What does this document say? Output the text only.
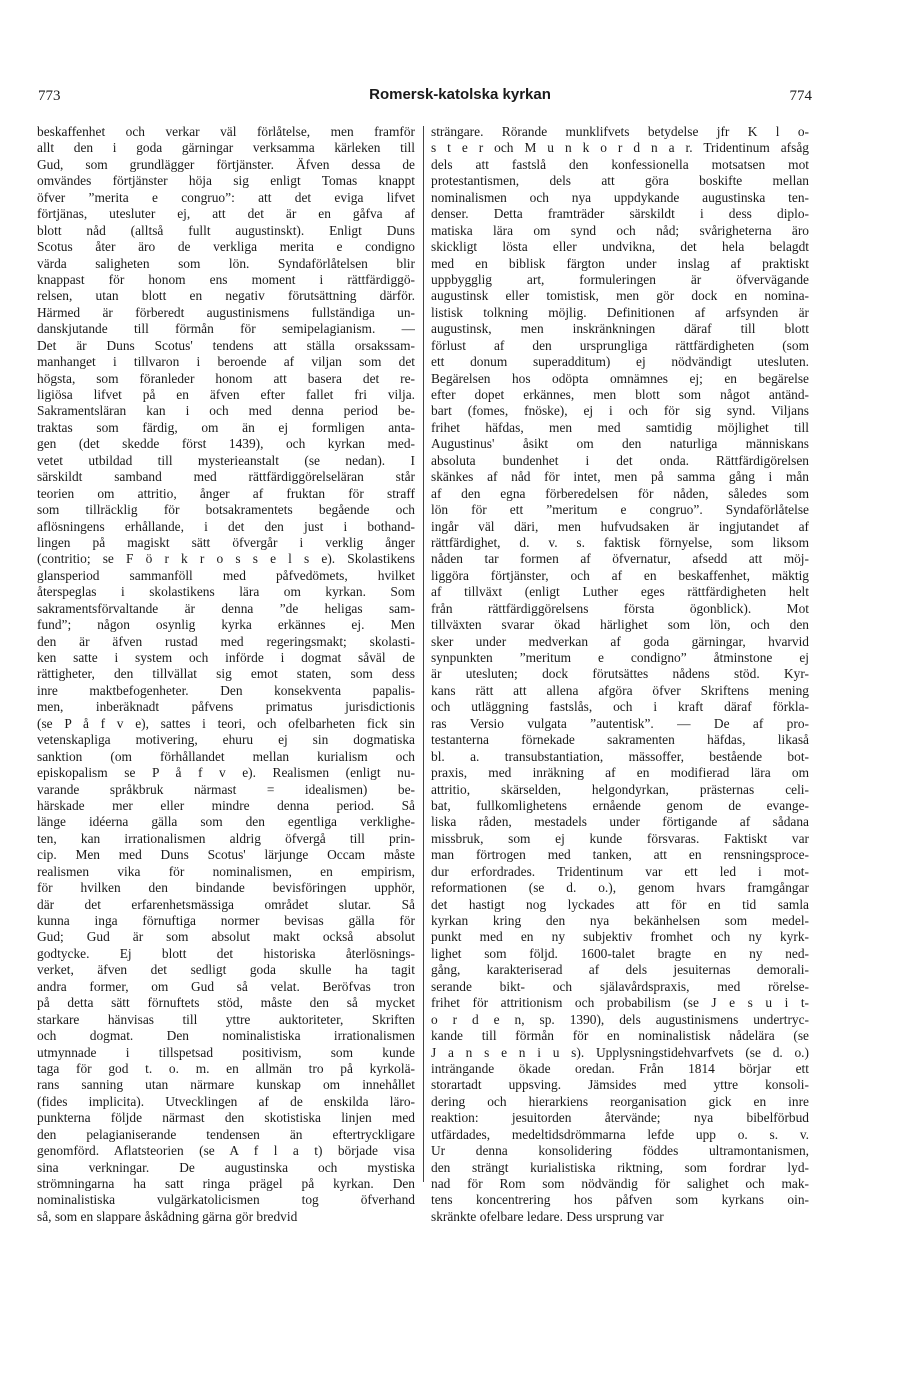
773	Romersk-katolska kyrkan	774
beskaffenhet och verkar väl förlåtelse, men framför
allt den i goda gärningar verksamma kärleken till
Gud, som grundlägger förtjänster. Äfven dessa de
omvändes förtjänster höja sig enligt Tomas knappt
öfver ”merita e congruo”: att det eviga lifvet
förtjänas, utesluter ej, att det är en gåfva af
blott nåd (alltså fullt augustinskt). Enligt Duns
Scotus åter äro de verkliga merita e condigno
värda saligheten som lön. Syndaförlåtelsen blir
knappast för honom ens moment i rättfärdiggö-
relsen, utan blott en negativ förutsättning därför.
Härmed är förberedt augustinismens fullständiga un-
danskjutande till förmån för semipelagianism. —
Det är Duns Scotus' tendens att ställa orsakssam-
manhanget i tillvaron i beroende af viljan som det
högsta, som föranleder honom att basera det re-
ligiösa lifvet på en äfven efter fallet fri vilja.
Sakramentsläran kan i och med denna period be-
traktas som färdig, om än ej formligen anta-
gen (det skedde först 1439), och kyrkan med-
vetet utbildad till mysterieanstalt (se nedan). I
särskildt samband med rättfärdiggörelseläran står
teorien om attritio, ånger af fruktan för straff
som tillräcklig för botsakramentets begående och
aflösningens erhållande, i det den just i bothand-
lingen på magiskt sätt öfvergår i verklig ånger
(contritio; se F ö r k r o s s e l s e). Skolastikens
glansperiod sammanföll med påfvedömets, hvilket
återspeglas i skolastikens lära om kyrkan. Som
sakramentsförvaltande är denna ”de heligas sam-
fund”; någon osynlig kyrka erkännes ej. Men
den är äfven rustad med regeringsmakt; skolasti-
ken satte i system och införde i dogmat såväl de
rättigheter, den tillvällat sig emot staten, som dess
inre maktbefogenheter. Den konsekventa papalis-
men, inberäknadt påfvens primatus jurisdictionis
(se P å f v e), sattes i teori, och ofelbarheten fick sin
vetenskapliga motivering, ehuru ej sin dogmatiska
sanktion (om förhållandet mellan kurialism och
episkopalism se P å f v e). Realismen (enligt nu-
varande språkbruk närmast = idealismen) be-
härskade mer eller mindre denna period. Så
länge idéerna gälla som den egentliga verklighe-
ten, kan irrationalismen aldrig öfvergå till prin-
cip. Men med Duns Scotus' lärjunge Occam måste
realismen vika för nominalismen, en empirism,
för hvilken den bindande bevisföringen upphör,
där det erfarenhetsmässiga området slutar. Så
kunna inga förnuftiga normer bevisas gälla för
Gud; Gud är som absolut makt också absolut
godtycke. Ej blott det historiska återlösnings-
verket, äfven det sedligt goda skulle ha tagit
andra former, om Gud så velat. Beröfvas tron
på detta sätt förnuftets stöd, måste den så mycket
starkare hänvisas till yttre auktoriteter, Skriften
och dogmat. Den nominalistiska irrationalismen
utmynnade i tillspetsad positivism, som kunde
taga för god t. o. m. en allmän tro på kyrkolä-
rans sanning utan närmare kunskap om innehållet
(fides implicita). Utvecklingen af de enskilda läro-
punkterna följde närmast den skotistiska linjen med
den pelagianiserande tendensen än eftertryckligare
genomförd. Aflatsteorien (se A f l a t) började visa
sina verkningar. De augustinska och mystiska
strömningarna ha satt ringa prägel på kyrkan. Den
nominalistiska vulgärkatolicismen tog öfverhand
så, som en slappare åskådning gärna gör bredvid
strängare. Rörande munklifvets betydelse jfr K l o-
s t e r och M u n k o r d n a r. Tridentinum afsåg
dels att fastslå den konfessionella motsatsen mot
protestantismen, dels att göra boskifte mellan
nominalismen och nya uppdykande augustinska ten-
denser. Detta framträder särskildt i dess diplo-
matiska lära om synd och nåd; svårigheterna äro
skickligt lösta eller undvikna, det hela belagdt
med en biblisk färgton under inslag af praktiskt
uppbygglig art, formuleringen är öfvervägande
augustinsk eller tomistisk, men gör dock en nomina-
listisk tolkning möjlig. Definitionen af arfsynden är
augustinsk, men inskränkningen däraf till blott
förlust af den ursprungliga rättfärdigheten (som
ett donum superadditum) ej nödvändigt utesluten.
Begärelsen hos odöpta omnämnes ej; en begärelse
efter dopet erkännes, men blott som något antänd-
bart (fomes, fnöske), ej i och för sig synd. Viljans
frihet häfdas, men med samtidig möjlighet till
Augustinus' åsikt om den naturliga människans
absoluta bundenhet i det onda. Rättfärdigörelsen
skänkes af nåd för intet, men på samma gång i mån
af den egna förberedelsen för nåden, således som
lön för ett ”meritum e congruo”. Syndaförlåtelse
ingår väl däri, men hufvudsaken är ingjutandet af
rättfärdighet, d. v. s. faktisk förnyelse, som liksom
nåden tar formen af öfvernatur, afsedd att möj-
liggöra förtjänster, och af en beskaffenhet, mäktig
af tillväxt (enligt Luther eges rättfärdigheten helt
från rättfärdiggörelsens första ögonblick). Mot
tillväxten svarar ökad härlighet som lön, och den
sker under medverkan af goda gärningar, hvarvid
synpunkten ”meritum e condigno” åtminstone ej
är utesluten; dock förutsättes nådens stöd. Kyr-
kans rätt att allena afgöra öfver Skriftens mening
och utläggning fastslås, och i kraft däraf förkla-
ras Versio vulgata ”autentisk”. — De af pro-
testanterna förnekade sakramenten häfdas, likaså
bl. a. transubstantiation, mässoffer, bestående bot-
praxis, med inräkning af en modifierad lära om
attritio, skärselden, helgondyrkan, prästernas celi-
bat, fullkomlighetens ernående genom de evange-
liska råden, mestadels under förtigande af sådana
missbruk, som ej kunde försvaras. Faktiskt var
man förtrogen med tanken, att en rensningsproce-
dur erfordrades. Tridentinum var ett led i mot-
reformationen (se d. o.), genom hvars framgångar
det hastigt nog lyckades att för en tid samla
kyrkan kring den nya bekänhelsen som medel-
punkt med en ny subjektiv fromhet och ny kyrk-
lighet som följd. 1600-talet bragte en ny ned-
gång, karakteriserad af dels jesuiternas demorali-
serande bikt- och själavårdspraxis, med rörelse-
frihet för attritionism och probabilism (se J e s u i t-
o r d e n, sp. 1390), dels augustinismens undertryc-
kande till förmån för en nominalistisk nådelära (se
J a n s e n i u s). Upplysningstidehvarfvets (se d. o.)
inträngande ökade oredan. Från 1814 börjar ett
storartadt uppsving. Jämsides med yttre konsoli-
dering och hierarkiens reorganisation gick en inre
reaktion: jesuitorden återvände; nya bibelförbud
utfärdades, medeltidsdrömmarna lefde upp o. s. v.
Ur denna konsolidering föddes ultramontanismen,
den strängt kurialistiska riktning, som fordrar lyd-
nad för Rom som nödvändig för salighet och mak-
tens koncentrering hos påfven som kyrkans oin-
skränkte ofelbare ledare. Dess ursprung var
